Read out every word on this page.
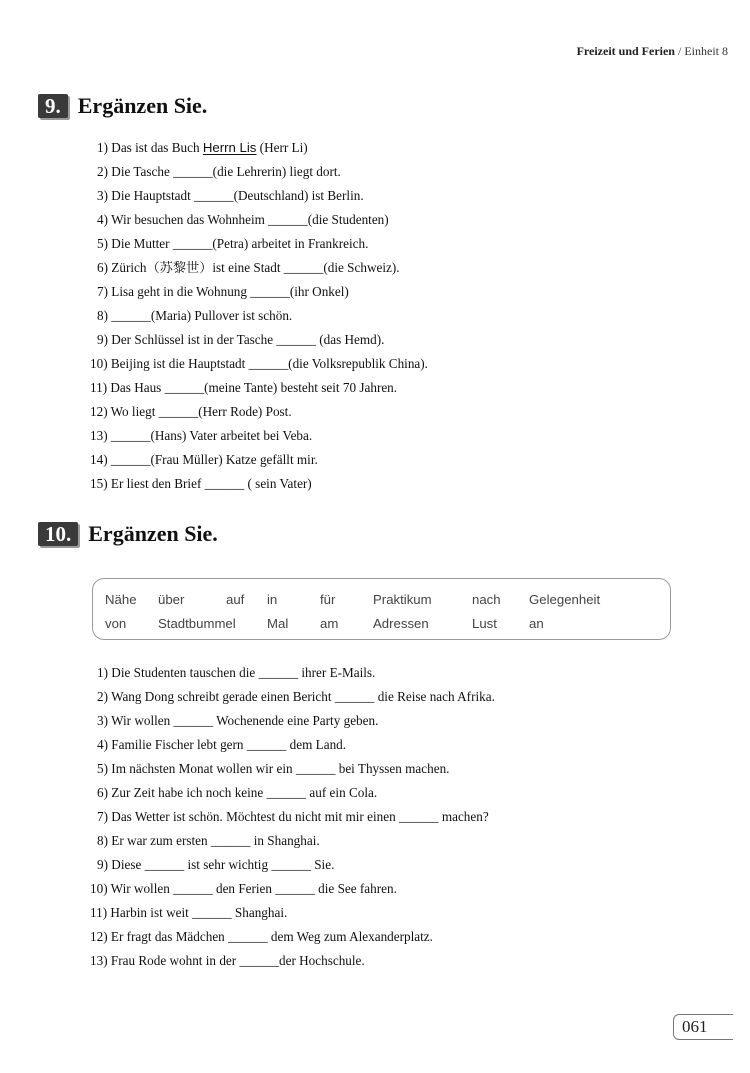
Freizeit und Ferien / Einheit 8
9. Ergänzen Sie.
1) Das ist das Buch Herrn Lis (Herr Li)
2) Die Tasche ______(die Lehrerin) liegt dort.
3) Die Hauptstadt ______(Deutschland) ist Berlin.
4) Wir besuchen das Wohnheim ______(die Studenten)
5) Die Mutter ______(Petra) arbeitet in Frankreich.
6) Zürich（苏黎世）ist eine Stadt ______(die Schweiz).
7) Lisa geht in die Wohnung ______(ihr Onkel)
8) ______(Maria) Pullover ist schön.
9) Der Schlüssel ist in der Tasche ______ (das Hemd).
10) Beijing ist die Hauptstadt ______(die Volksrepublik China).
11) Das Haus ______(meine Tante) besteht seit 70 Jahren.
12) Wo liegt ______(Herr Rode) Post.
13) ______(Hans) Vater arbeitet bei Veba.
14) ______(Frau Müller) Katze gefällt mir.
15) Er liest den Brief ______ ( sein Vater)
10. Ergänzen Sie.
Nähe über	auf in	für	Praktikum	nach Gelegenheit
von Stadtbummel Mal am	Adressen	Lust an
1) Die Studenten tauschen die ______ ihrer E-Mails.
2) Wang Dong schreibt gerade einen Bericht ______ die Reise nach Afrika.
3) Wir wollen ______ Wochenende eine Party geben.
4) Familie Fischer lebt gern ______ dem Land.
5) Im nächsten Monat wollen wir ein ______ bei Thyssen machen.
6) Zur Zeit habe ich noch keine ______ auf ein Cola.
7) Das Wetter ist schön. Möchtest du nicht mit mir einen ______ machen?
8) Er war zum ersten ______ in Shanghai.
9) Diese ______ ist sehr wichtig ______ Sie.
10) Wir wollen ______ den Ferien ______ die See fahren.
11) Harbin ist weit ______ Shanghai.
12) Er fragt das Mädchen ______ dem Weg zum Alexanderplatz.
13) Frau Rode wohnt in der ______der Hochschule.
061
